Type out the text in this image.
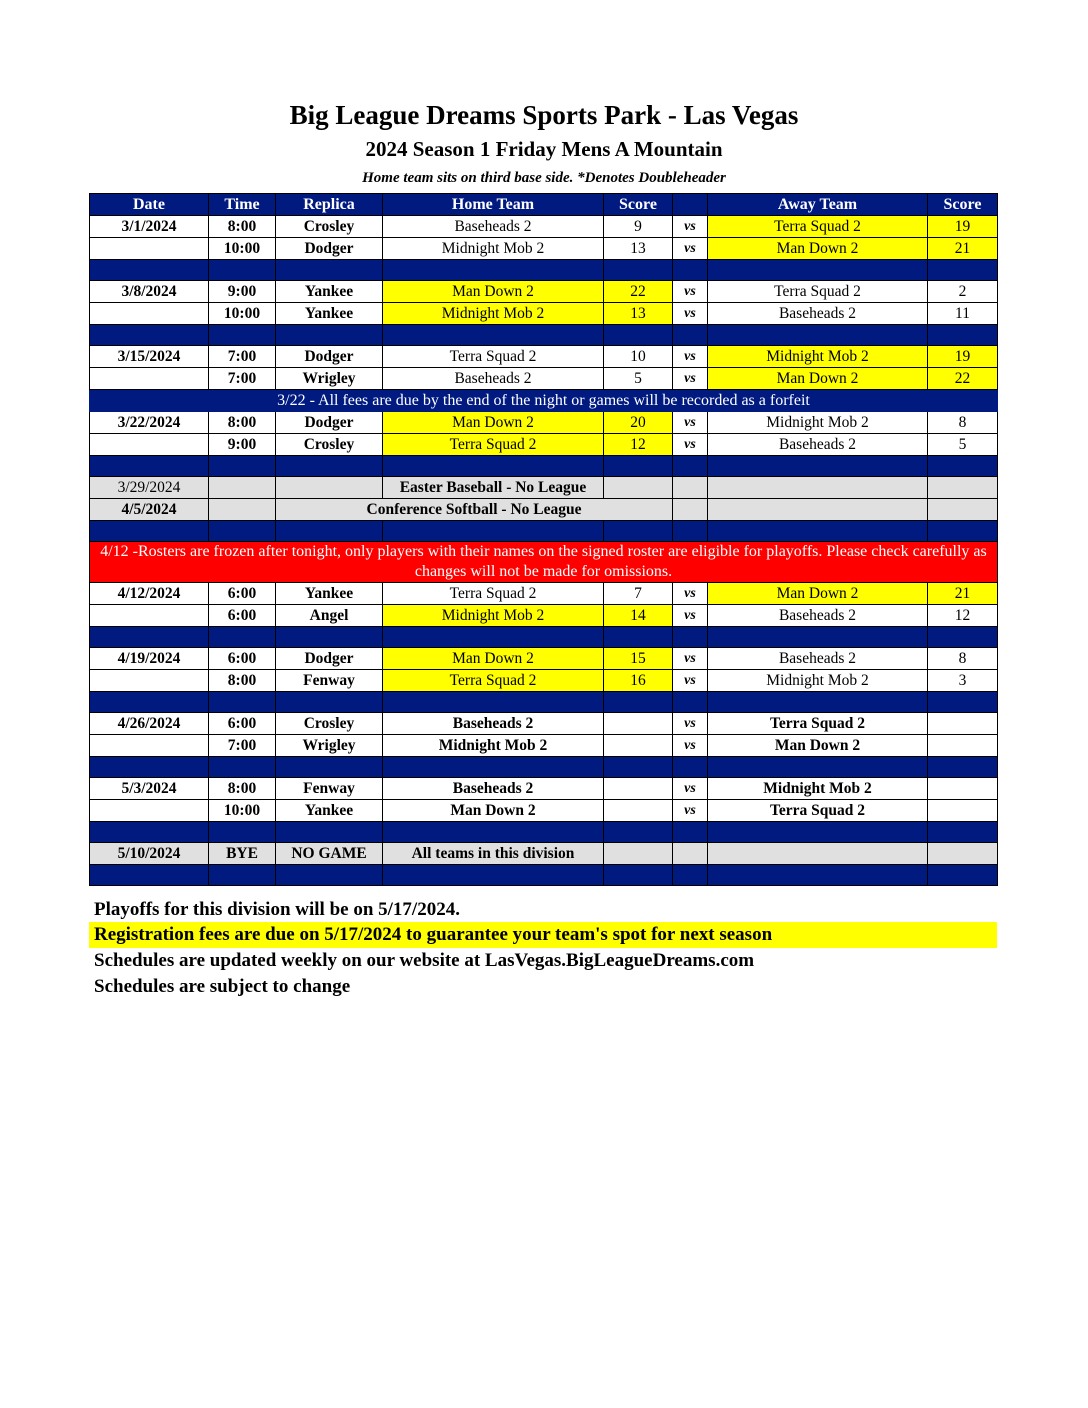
Big League Dreams Sports Park - Las Vegas
2024 Season 1 Friday Mens A Mountain
Home team sits on third base side. *Denotes Doubleheader
Date	Time	Replica	Home Team	Score		Away Team	Score
3/1/2024	8:00	Crosley	Baseheads 2	9	vs	Terra Squad 2	19
	10:00	Dodger	Midnight Mob 2	13	vs	Man Down 2	21

3/8/2024	9:00	Yankee	Man Down 2	22	vs	Terra Squad 2	2
	10:00	Yankee	Midnight Mob 2	13	vs	Baseheads 2	11

3/15/2024	7:00	Dodger	Terra Squad 2	10	vs	Midnight Mob 2	19
	7:00	Wrigley	Baseheads 2	5	vs	Man Down 2	22
3/22 - All fees are due by the end of the night or games will be recorded as a forfeit							
3/22/2024	8:00	Dodger	Man Down 2	20	vs	Midnight Mob 2	8
	9:00	Crosley	Terra Squad 2	12	vs	Baseheads 2	5

3/29/2024			Easter Baseball - No League				
4/5/2024		Conference Softball - No League					

4/12 -Rosters are frozen after tonight, only players with their names on the signed roster are eligible for playoffs. Please check carefully as changes will not be made for omissions.							
4/12/2024	6:00	Yankee	Terra Squad 2	7	vs	Man Down 2	21
	6:00	Angel	Midnight Mob 2	14	vs	Baseheads 2	12

4/19/2024	6:00	Dodger	Man Down 2	15	vs	Baseheads 2	8
	8:00	Fenway	Terra Squad 2	16	vs	Midnight Mob 2	3

4/26/2024	6:00	Crosley	Baseheads 2		vs	Terra Squad 2	
	7:00	Wrigley	Midnight Mob 2		vs	Man Down 2	

5/3/2024	8:00	Fenway	Baseheads 2		vs	Midnight Mob 2	
	10:00	Yankee	Man Down 2		vs	Terra Squad 2	

5/10/2024	BYE	NO GAME	All teams in this division				

Playoffs for this division will be on 5/17/2024.
Registration fees are due on 5/17/2024 to guarantee your team's spot for next season
Schedules are updated weekly on our website at LasVegas.BigLeagueDreams.com
Schedules are subject to change
